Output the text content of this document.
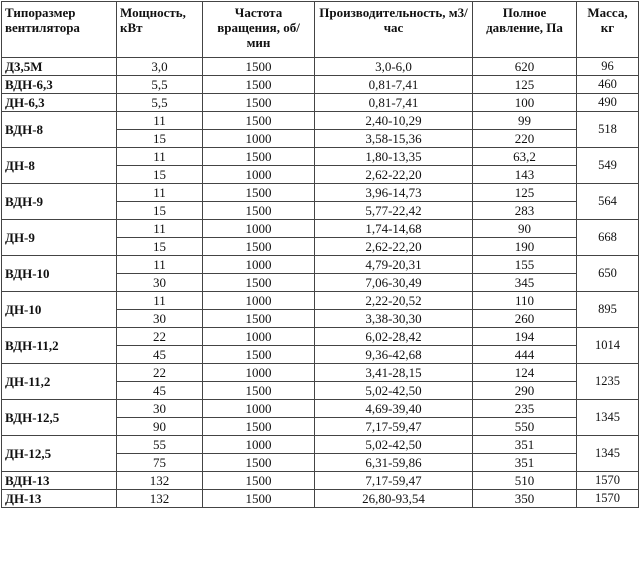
Типоразмер вентилятора	Мощность, кВт	Частота вращения, об/мин	Производительность, м3/час	Полное давление, Па	Масса, кг
Д3,5М	3,0	1500	3,0-6,0	620	96
ВДН-6,3	5,5	1500	0,81-7,41	125	460
ДН-6,3	5,5	1500	0,81-7,41	100	490
ВДН-8	11	1500	2,40-10,29	99	518
	15	1000	3,58-15,36	220	
ДН-8	11	1500	1,80-13,35	63,2	549
	15	1000	2,62-22,20	143	
ВДН-9	11	1500	3,96-14,73	125	564
	15	1500	5,77-22,42	283	
ДН-9	11	1000	1,74-14,68	90	668
	15	1500	2,62-22,20	190	
ВДН-10	11	1000	4,79-20,31	155	650
	30	1500	7,06-30,49	345	
ДН-10	11	1000	2,22-20,52	110	895
	30	1500	3,38-30,30	260	
ВДН-11,2	22	1000	6,02-28,42	194	1014
	45	1500	9,36-42,68	444	
ДН-11,2	22	1000	3,41-28,15	124	1235
	45	1500	5,02-42,50	290	
ВДН-12,5	30	1000	4,69-39,40	235	1345
	90	1500	7,17-59,47	550	
ДН-12,5	55	1000	5,02-42,50	351	1345
	75	1500	6,31-59,86	351	
ВДН-13	132	1500	7,17-59,47	510	1570
ДН-13	132	1500	26,80-93,54	350	1570
